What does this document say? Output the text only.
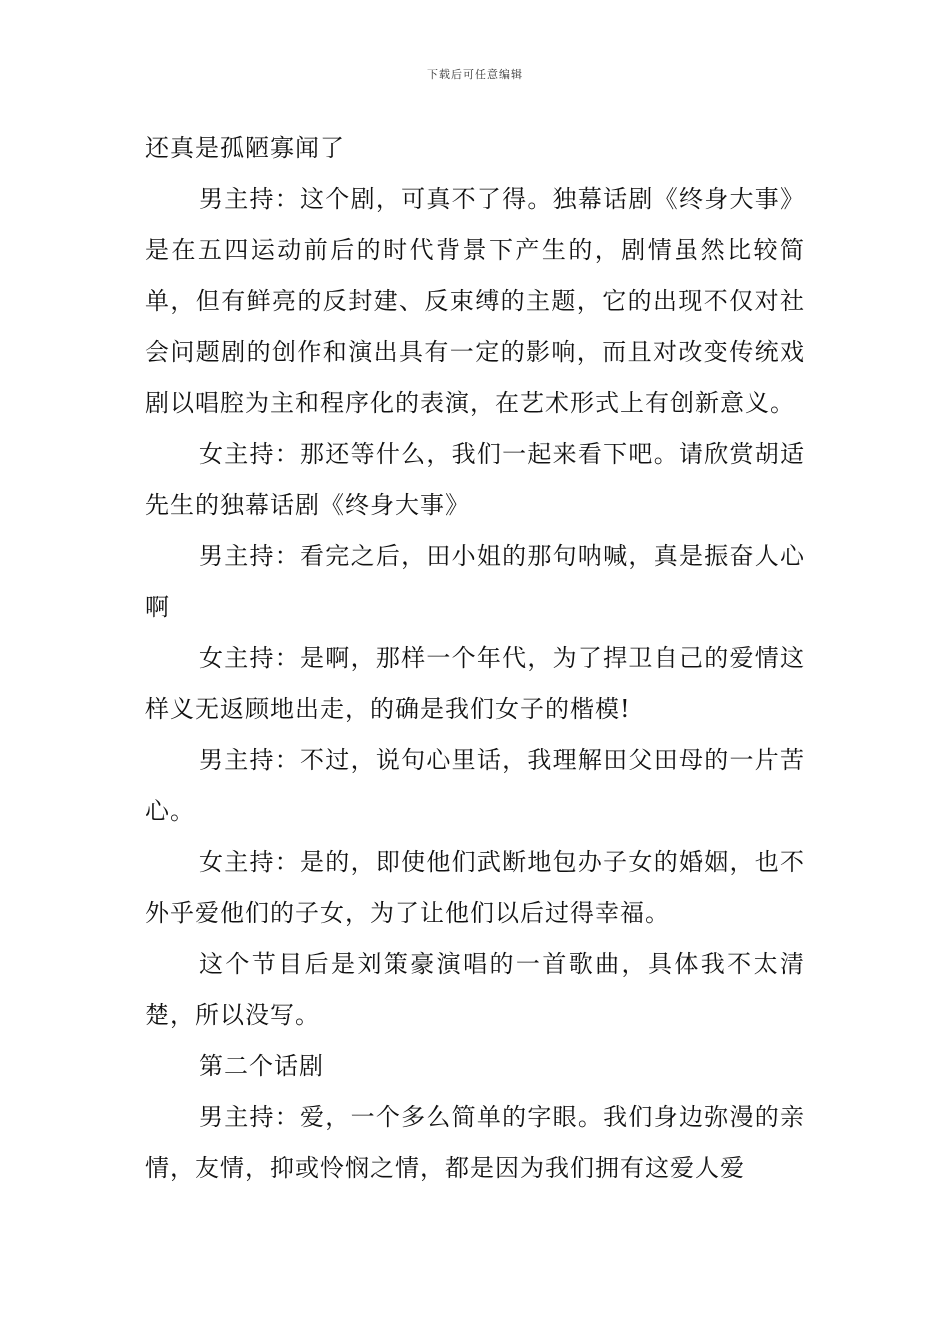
下载后可任意编辑

还真是孤陋寡闻了

男主持：这个剧，可真不了得。独幕话剧《终身大事》是在五四运动前后的时代背景下产生的，剧情虽然比较简单，但有鲜亮的反封建、反束缚的主题，它的出现不仅对社会问题剧的创作和演出具有一定的影响，而且对改变传统戏剧以唱腔为主和程序化的表演，在艺术形式上有创新意义。

女主持：那还等什么，我们一起来看下吧。请欣赏胡适先生的独幕话剧《终身大事》

男主持：看完之后，田小姐的那句呐喊，真是振奋人心啊

女主持：是啊，那样一个年代，为了捍卫自己的爱情这样义无返顾地出走，的确是我们女子的楷模!

男主持：不过，说句心里话，我理解田父田母的一片苦心。

女主持：是的，即使他们武断地包办子女的婚姻，也不外乎爱他们的子女，为了让他们以后过得幸福。

这个节目后是刘策豪演唱的一首歌曲，具体我不太清楚，所以没写。

第二个话剧

男主持：爱，一个多么简单的字眼。我们身边弥漫的亲情，友情，抑或怜悯之情，都是因为我们拥有这爱人爱
